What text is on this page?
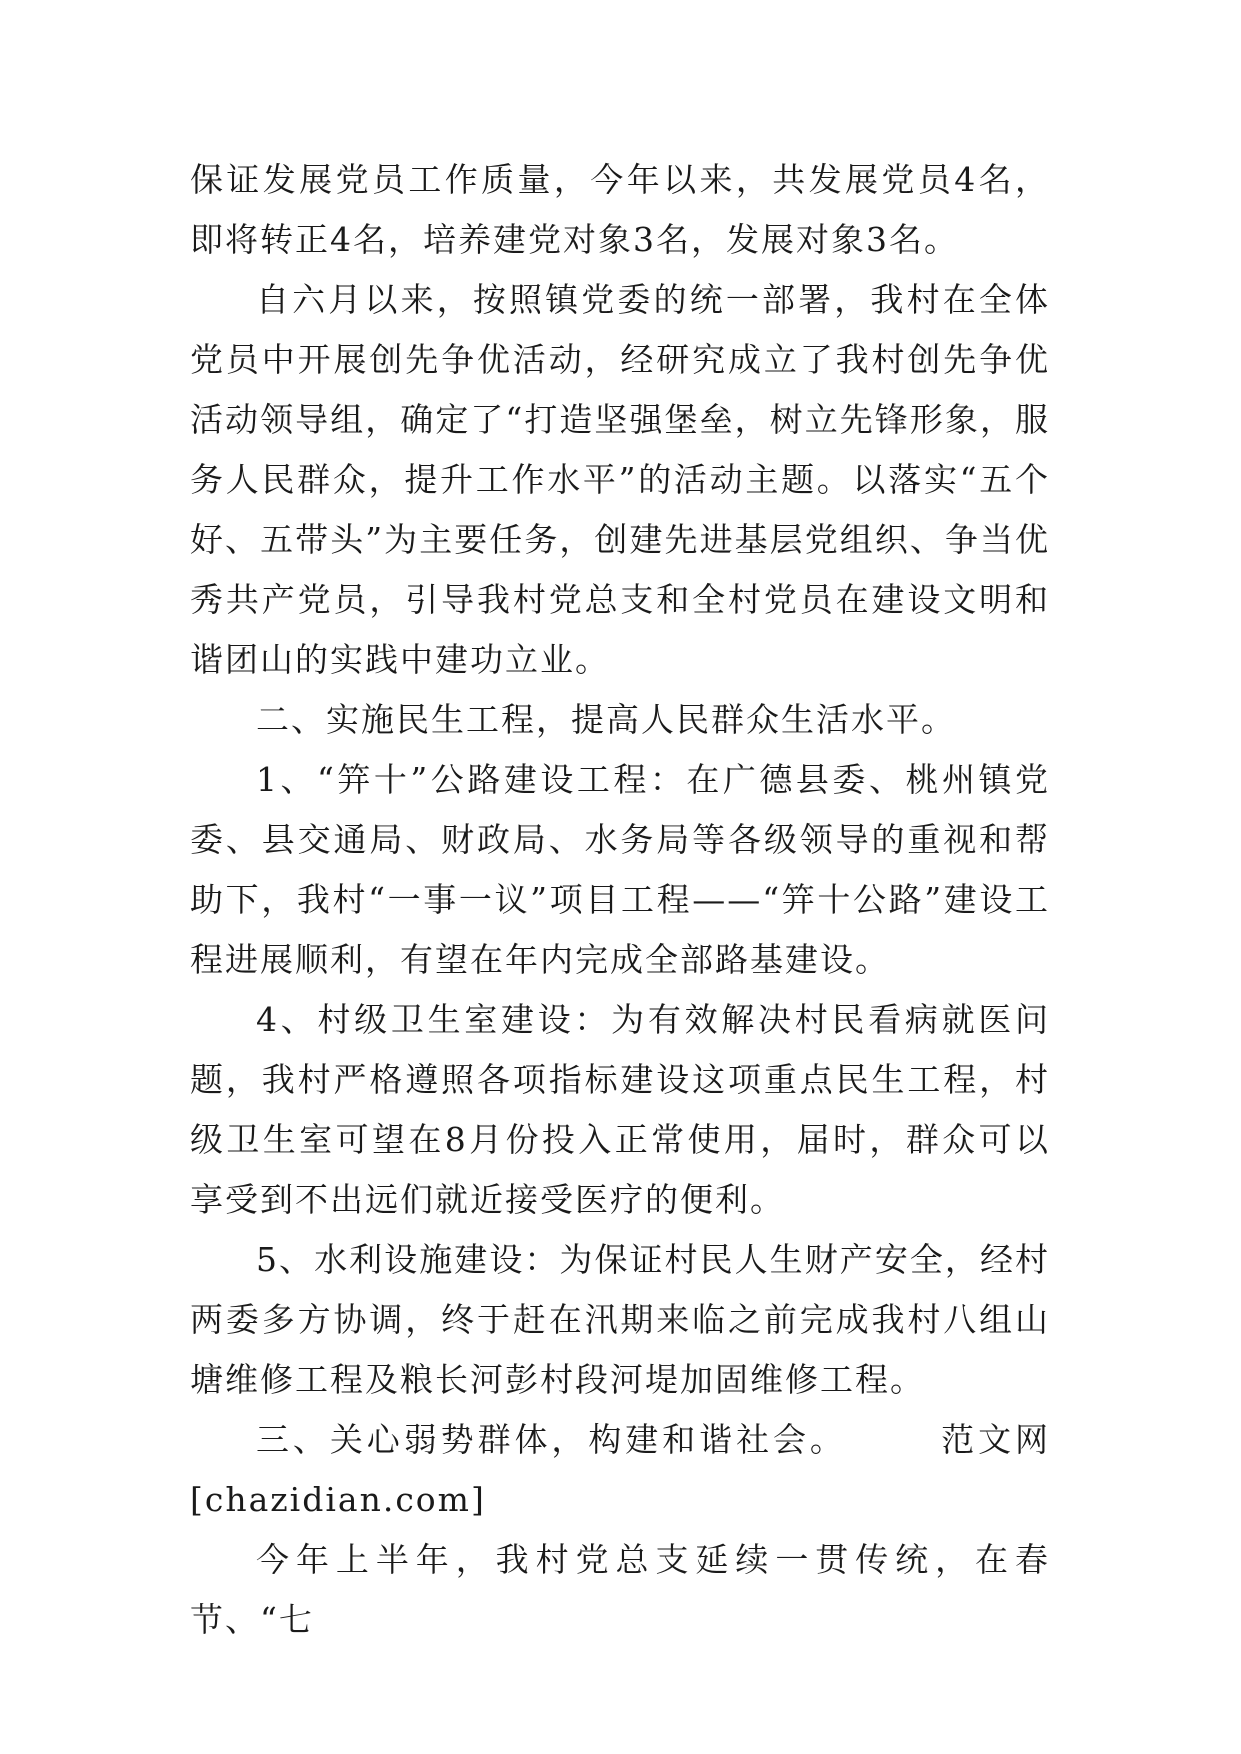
保证发展党员工作质量，今年以来，共发展党员4名，即将转正4名，培养建党对象3名，发展对象3名。

自六月以来，按照镇党委的统一部署，我村在全体党员中开展创先争优活动，经研究成立了我村创先争优活动领导组，确定了“打造坚强堡垒，树立先锋形象，服务人民群众，提升工作水平”的活动主题。以落实“五个好、五带头”为主要任务，创建先进基层党组织、争当优秀共产党员，引导我村党总支和全村党员在建设文明和谐团山的实践中建功立业。

二、实施民生工程，提高人民群众生活水平。

1、“笄十”公路建设工程：在广德县委、桃州镇党委、县交通局、财政局、水务局等各级领导的重视和帮助下，我村“一事一议”项目工程——“笄十公路”建设工程进展顺利，有望在年内完成全部路基建设。

4、村级卫生室建设：为有效解决村民看病就医问题，我村严格遵照各项指标建设这项重点民生工程，村级卫生室可望在8月份投入正常使用，届时，群众可以享受到不出远们就近接受医疗的便利。

5、水利设施建设：为保证村民人生财产安全，经村两委多方协调，终于赶在汛期来临之前完成我村八组山塘维修工程及粮长河彭村段河堤加固维修工程。

三、关心弱势群体，构建和谐社会。　　　范文网[chazidian.com]

今年上半年，我村党总支延续一贯传统，在春节、“七
